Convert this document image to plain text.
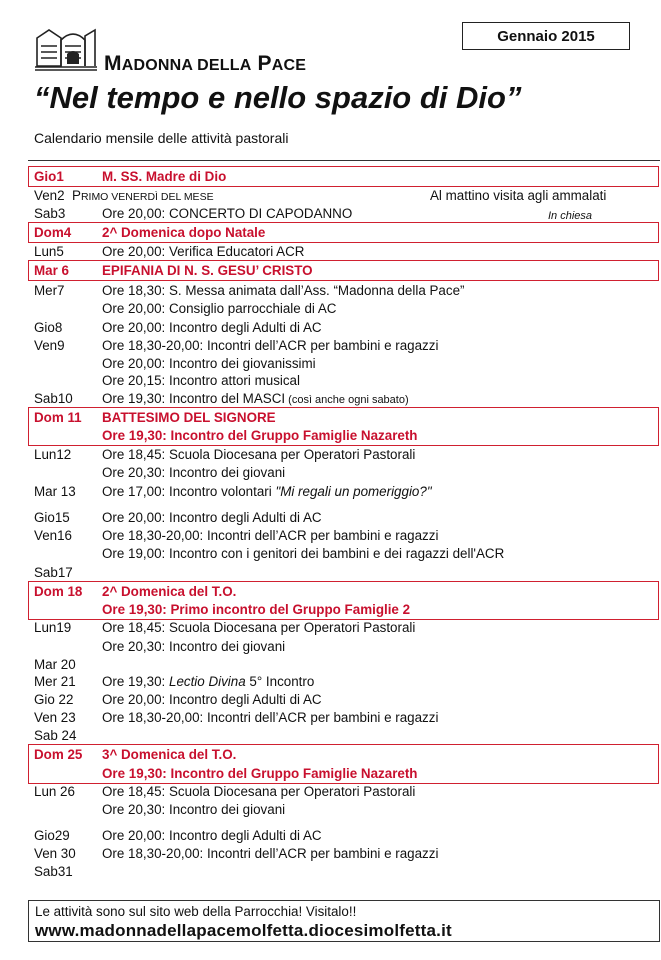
Gennaio 2015
MADONNA DELLA PACE
“Nel tempo e nello spazio di Dio”
Calendario mensile delle attività pastorali
Gio1	M. SS. Madre di Dio
Ven2 PRIMO VENERDÌ DEL MESE	Al mattino visita agli ammalati
Sab3	Ore 20,00: CONCERTO DI CAPODANNO	In chiesa
Dom4 2^ Domenica dopo Natale
Lun5	Ore 20,00: Verifica Educatori ACR
Mar 6 EPIFANIA DI N. S. GESU’ CRISTO
Mer7	Ore 18,30: S. Messa animata dall’Ass. “Madonna della Pace”
Ore 20,00: Consiglio parrocchiale di AC
Gio8	Ore 20,00: Incontro degli Adulti di AC
Ven9	Ore 18,30-20,00: Incontri dell’ACR per bambini e ragazzi
Ore 20,00: Incontro dei giovanissimi
Ore 20,15: Incontro attori musical
Sab10 Ore 19,30: Incontro del MASCI (così anche ogni sabato)
Dom 11 BATTESIMO DEL SIGNORE
Ore 19,30: Incontro del Gruppo Famiglie Nazareth
Lun12 Ore 18,45: Scuola Diocesana per Operatori Pastorali
Ore 20,30: Incontro dei giovani
Mar 13 Ore 17,00: Incontro volontari "Mi regali un pomeriggio?"
Gio15 Ore 20,00: Incontro degli Adulti di AC
Ven16 Ore 18,30-20,00: Incontri dell’ACR per bambini e ragazzi
Ore 19,00: Incontro con i genitori dei bambini e dei ragazzi dell'ACR
Sab17
Dom 18 2^ Domenica del T.O.
Ore 19,30: Primo incontro del Gruppo Famiglie 2
Lun19 Ore 18,45: Scuola Diocesana per Operatori Pastorali
Ore 20,30: Incontro dei giovani
Mar 20
Mer 21 Ore 19,30: Lectio Divina 5° Incontro
Gio 22 Ore 20,00: Incontro degli Adulti di AC
Ven 23 Ore 18,30-20,00: Incontri dell’ACR per bambini e ragazzi
Sab 24
Dom 25 3^ Domenica del T.O.
Ore 19,30: Incontro del Gruppo Famiglie Nazareth
Lun 26 Ore 18,45: Scuola Diocesana per Operatori Pastorali
Ore 20,30: Incontro dei giovani
Gio29 Ore 20,00: Incontro degli Adulti di AC
Ven 30 Ore 18,30-20,00: Incontri dell’ACR per bambini e ragazzi
Sab31
Le attività sono sul sito web della Parrocchia! Visitalo!!
www.madonnadellapacemolfetta.diocesimolfetta.it
